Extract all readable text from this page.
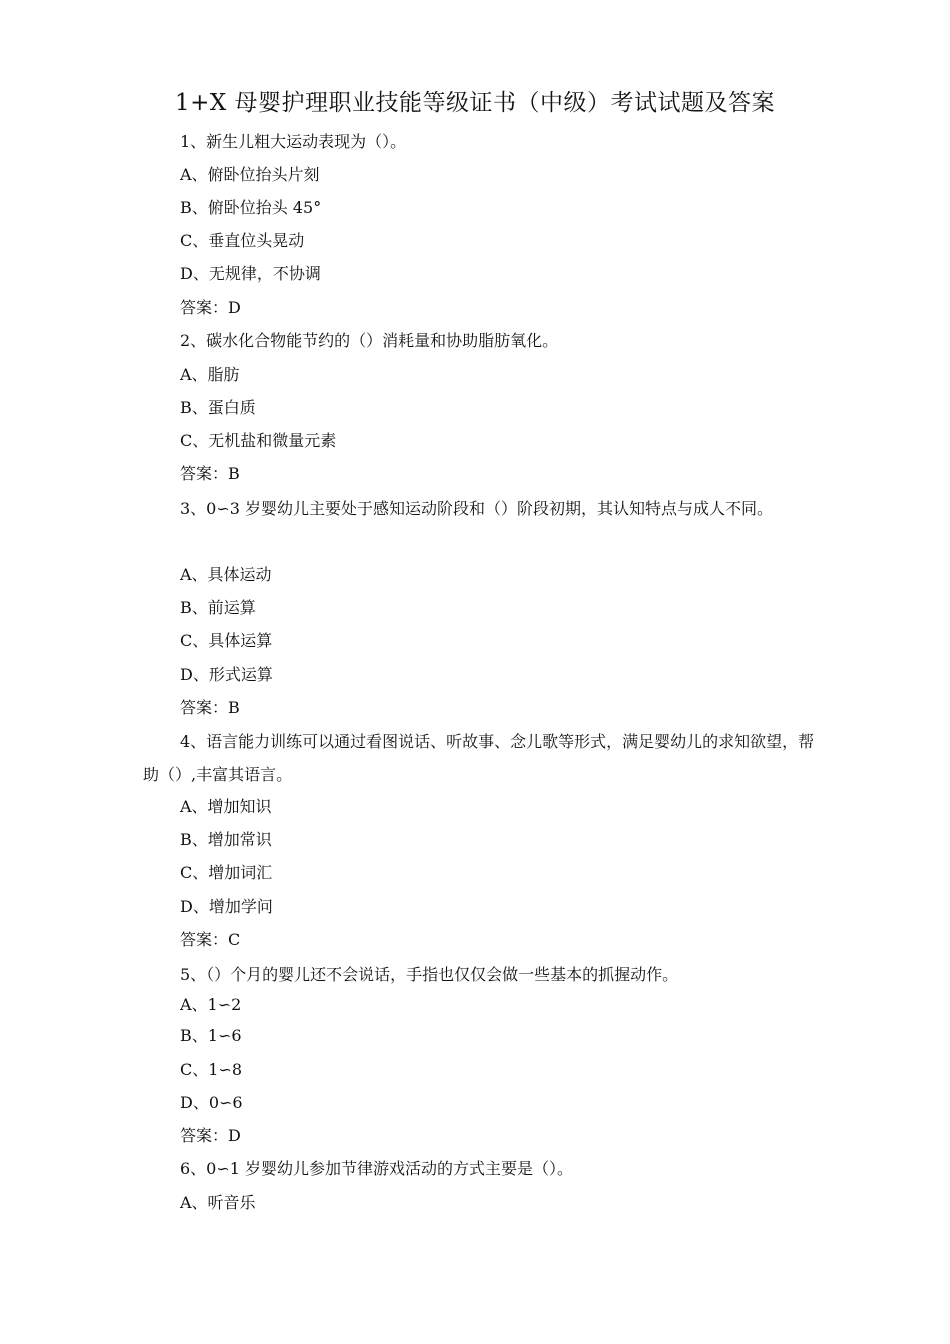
1+X 母婴护理职业技能等级证书（中级）考试试题及答案
1、新生儿粗大运动表现为（）。
A、俯卧位抬头片刻
B、俯卧位抬头 45°
C、垂直位头晃动
D、无规律，不协调
答案：D
2、碳水化合物能节约的（）消耗量和协助脂肪氧化。
A、脂肪
B、蛋白质
C、无机盐和微量元素
答案：B
3、0∽3 岁婴幼儿主要处于感知运动阶段和（）阶段初期，其认知特点与成人不同。
A、具体运动
B、前运算
C、具体运算
D、形式运算
答案：B
4、语言能力训练可以通过看图说话、听故事、念儿歌等形式，满足婴幼儿的求知欲望，帮助（）,丰富其语言。
A、增加知识
B、增加常识
C、增加词汇
D、增加学问
答案：C
5、（）个月的婴儿还不会说话，手指也仅仅会做一些基本的抓握动作。
A、1∽2
B、1∽6
C、1∽8
D、0∽6
答案：D
6、0∽1 岁婴幼儿参加节律游戏活动的方式主要是（）。
A、听音乐
